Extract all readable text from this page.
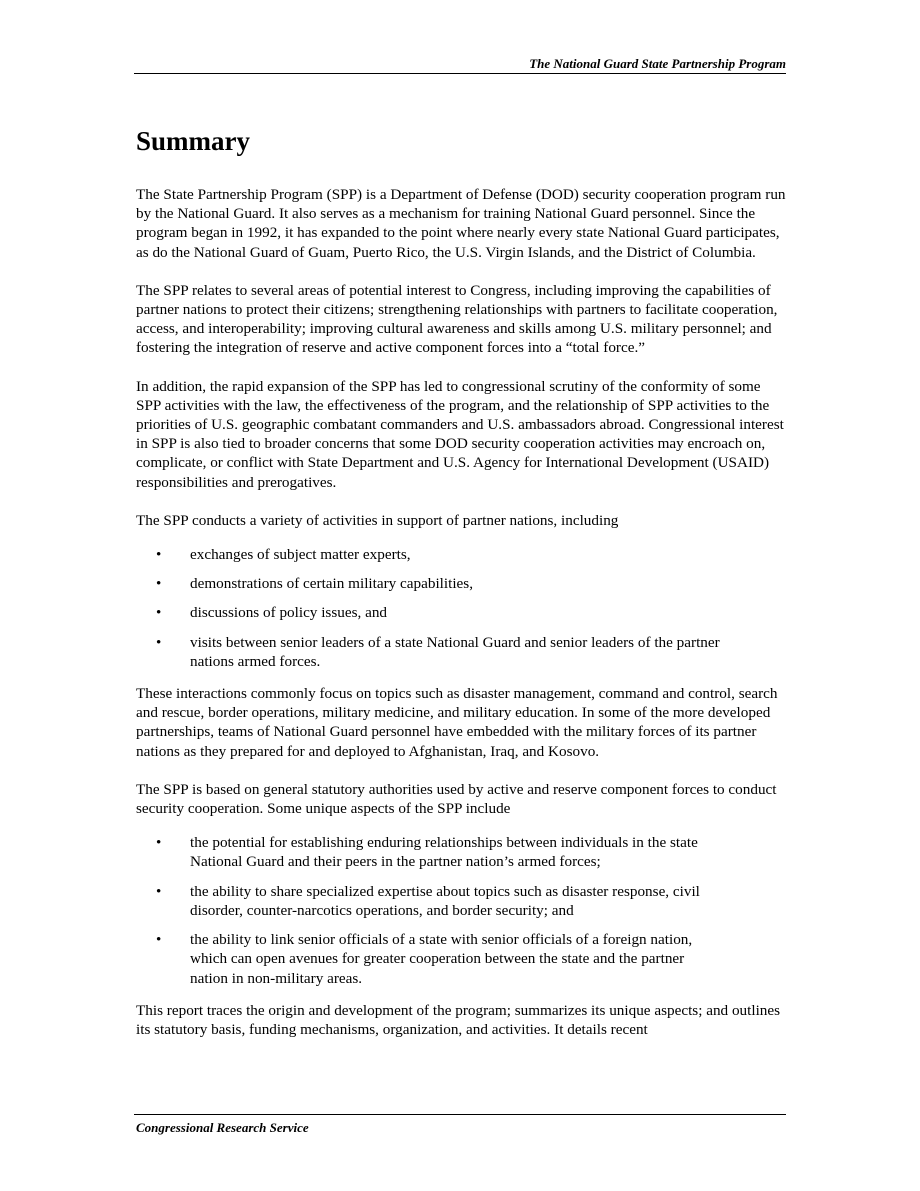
The National Guard State Partnership Program
Summary

The State Partnership Program (SPP) is a Department of Defense (DOD) security cooperation program run by the National Guard. It also serves as a mechanism for training National Guard personnel. Since the program began in 1992, it has expanded to the point where nearly every state National Guard participates, as do the National Guard of Guam, Puerto Rico, the U.S. Virgin Islands, and the District of Columbia.

The SPP relates to several areas of potential interest to Congress, including improving the capabilities of partner nations to protect their citizens; strengthening relationships with partners to facilitate cooperation, access, and interoperability; improving cultural awareness and skills among U.S. military personnel; and fostering the integration of reserve and active component forces into a “total force.”

In addition, the rapid expansion of the SPP has led to congressional scrutiny of the conformity of some SPP activities with the law, the effectiveness of the program, and the relationship of SPP activities to the priorities of U.S. geographic combatant commanders and U.S. ambassadors abroad. Congressional interest in SPP is also tied to broader concerns that some DOD security cooperation activities may encroach on, complicate, or conflict with State Department and U.S. Agency for International Development (USAID) responsibilities and prerogatives.

The SPP conducts a variety of activities in support of partner nations, including

• exchanges of subject matter experts,
• demonstrations of certain military capabilities,
• discussions of policy issues, and
• visits between senior leaders of a state National Guard and senior leaders of the partner nations armed forces.

These interactions commonly focus on topics such as disaster management, command and control, search and rescue, border operations, military medicine, and military education. In some of the more developed partnerships, teams of National Guard personnel have embedded with the military forces of its partner nations as they prepared for and deployed to Afghanistan, Iraq, and Kosovo.

The SPP is based on general statutory authorities used by active and reserve component forces to conduct security cooperation. Some unique aspects of the SPP include

• the potential for establishing enduring relationships between individuals in the state National Guard and their peers in the partner nation’s armed forces;
• the ability to share specialized expertise about topics such as disaster response, civil disorder, counter-narcotics operations, and border security; and
• the ability to link senior officials of a state with senior officials of a foreign nation, which can open avenues for greater cooperation between the state and the partner nation in non-military areas.

This report traces the origin and development of the program; summarizes its unique aspects; and outlines its statutory basis, funding mechanisms, organization, and activities. It details recent

Congressional Research Service
